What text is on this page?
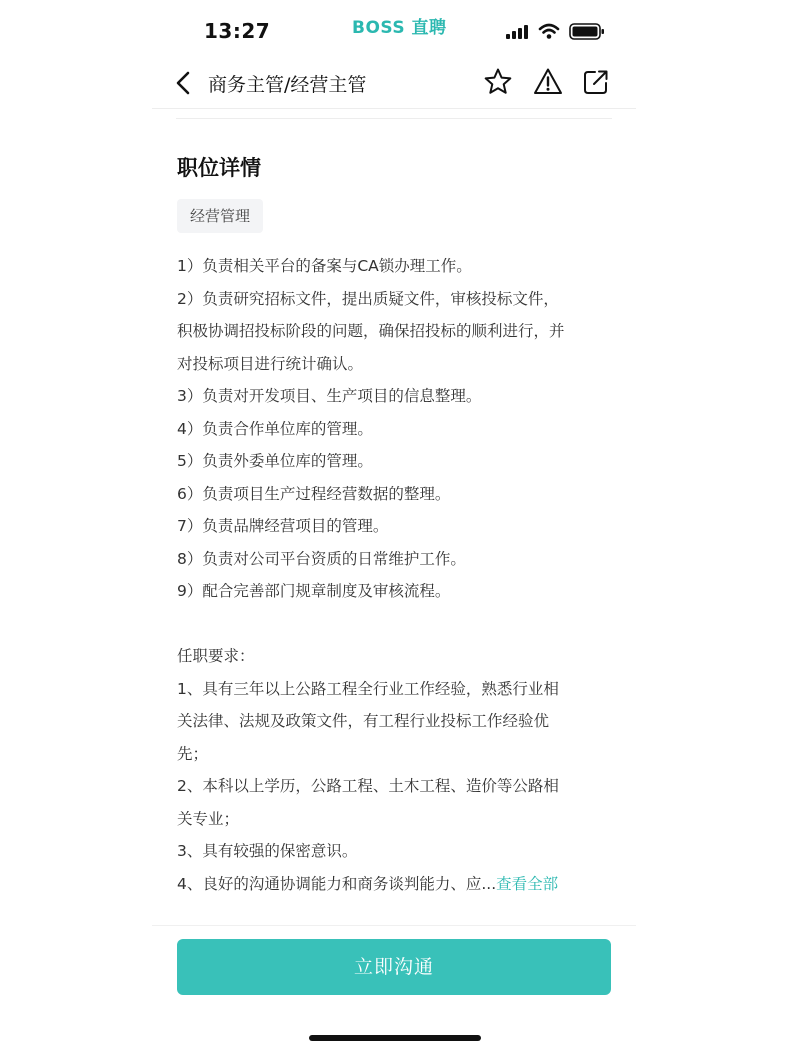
13:27	BOSS 直聘
商务主管/经营主管
职位详情
经营管理
1）负责相关平台的备案与CA锁办理工作。
2）负责研究招标文件，提出质疑文件，审核投标文件，
积极协调招投标阶段的问题，确保招投标的顺利进行，并
对投标项目进行统计确认。
3）负责对开发项目、生产项目的信息整理。
4）负责合作单位库的管理。
5）负责外委单位库的管理。
6）负责项目生产过程经营数据的整理。
7）负责品牌经营项目的管理。
8）负责对公司平台资质的日常维护工作。
9）配合完善部门规章制度及审核流程。
任职要求：
1、具有三年以上公路工程全行业工作经验，熟悉行业相
关法律、法规及政策文件，有工程行业投标工作经验优
先；
2、本科以上学历，公路工程、土木工程、造价等公路相
关专业；
3、具有较强的保密意识。
4、良好的沟通协调能力和商务谈判能力、应...查看全部
立即沟通
